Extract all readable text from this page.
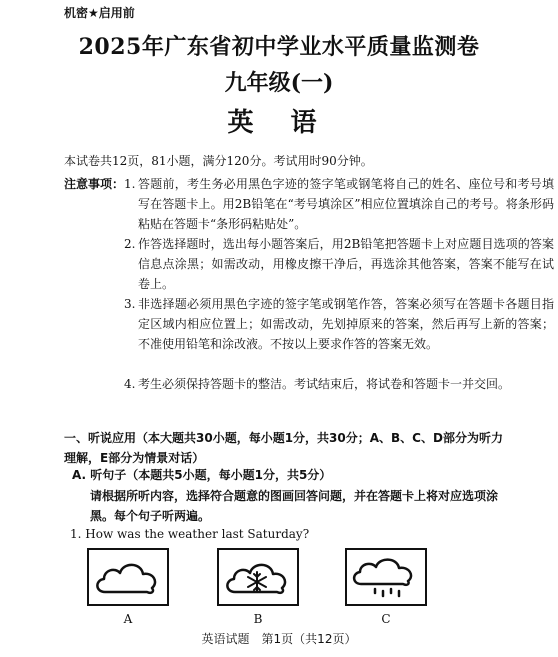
机密★启用前
2025年广东省初中学业水平质量监测卷
九年级(一)
英 语
本试卷共12页，81小题，满分120分。考试用时90分钟。
注意事项： 1. 答题前，考生务必用黑色字迹的签字笔或钢笔将自己的姓名、座位号和考号填写在答题卡上。用2B铅笔在“考号填涂区”相应位置填涂自己的考号。将条形码粘贴在答题卡“条形码粘贴处”。
2. 作答选择题时，选出每小题答案后，用2B铅笔把答题卡上对应题目选项的答案信息点涂黑；如需改动，用橡皮擦干净后，再选涂其他答案，答案不能写在试卷上。
3. 非选择题必须用黑色字迹的签字笔或钢笔作答，答案必须写在答题卡各题目指定区域内相应位置上；如需改动，先划掉原来的答案，然后再写上新的答案；不准使用铅笔和涂改液。不按以上要求作答的答案无效。
4. 考生必须保持答题卡的整洁。考试结束后，将试卷和答题卡一并交回。
一、听说应用（本大题共30小题，每小题1分，共30分；A、B、C、D部分为听力理解，E部分为情景对话）
A. 听句子（本题共5小题，每小题1分，共5分）
请根据所听内容，选择符合题意的图画回答问题，并在答题卡上将对应选项涂黑。每个句子听两遍。
1. How was the weather last Saturday?
A	B	C
英语试题　第1页（共12页）
